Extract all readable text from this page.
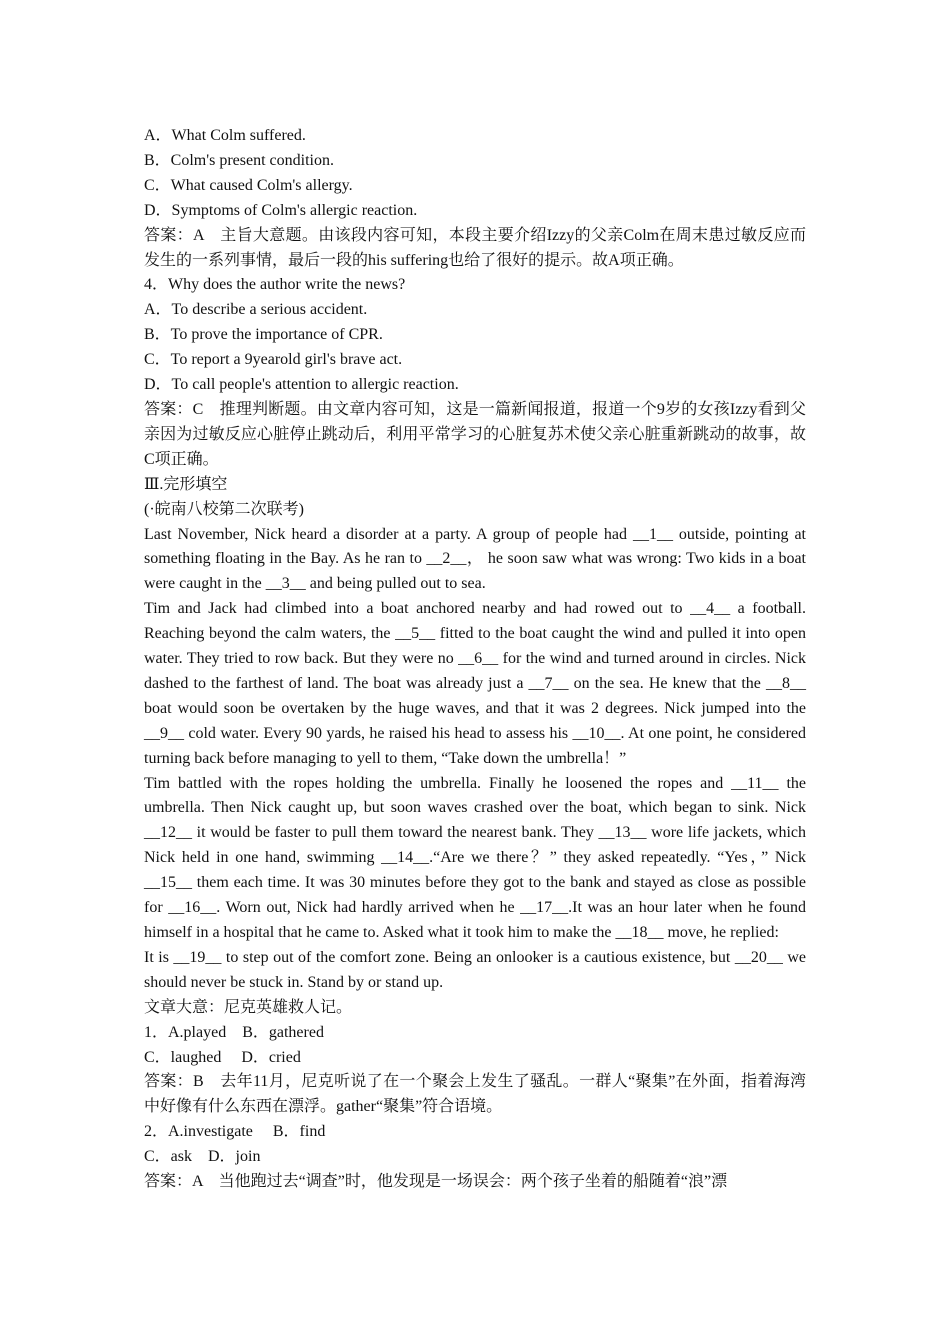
A．What Colm suffered.

B．Colm's present condition.

C．What caused Colm's allergy.

D．Symptoms of Colm's allergic reaction.

答案：A　主旨大意题。由该段内容可知，本段主要介绍Izzy的父亲Colm在周末患过敏反应而发生的一系列事情，最后一段的his suffering也给了很好的提示。故A项正确。

4．Why does the author write the news?

A．To describe a serious accident.

B．To prove the importance of CPR.

C．To report a 9yearold girl's brave act.

D．To call people's attention to allergic reaction.

答案：C　推理判断题。由文章内容可知，这是一篇新闻报道，报道一个9岁的女孩Izzy看到父亲因为过敏反应心脏停止跳动后，利用平常学习的心脏复苏术使父亲心脏重新跳动的故事，故C项正确。

Ⅲ.完形填空

(·皖南八校第二次联考)

Last November, Nick heard a disorder at a party. A group of people had __1__ outside, pointing at something floating in the Bay. As he ran to __2__， he soon saw what was wrong: Two kids in a boat were caught in the __3__ and being pulled out to sea.

Tim and Jack had climbed into a boat anchored nearby and had rowed out to __4__ a football. Reaching beyond the calm waters, the __5__ fitted to the boat caught the wind and pulled it into open water. They tried to row back. But they were no __6__ for the wind and turned around in circles. Nick dashed to the farthest of land. The boat was already just a __7__ on the sea. He knew that the __8__ boat would soon be overtaken by the huge waves, and that it was 2 degrees. Nick jumped into the __9__ cold water. Every 90 yards, he raised his head to assess his __10__. At one point, he considered turning back before managing to yell to them, “Take down the umbrella！”

Tim battled with the ropes holding the umbrella. Finally he loosened the ropes and __11__ the umbrella. Then Nick caught up, but soon waves crashed over the boat, which began to sink. Nick __12__ it would be faster to pull them toward the nearest bank. They __13__ wore life jackets, which Nick held in one hand, swimming __14__.“Are we there？” they asked repeatedly. “Yes，” Nick __15__ them each time. It was 30 minutes before they got to the bank and stayed as close as possible for __16__. Worn out, Nick had hardly arrived when he __17__.It was an hour later when he found himself in a hospital that he came to. Asked what it took him to make the __18__ move, he replied:

It is __19__ to step out of the comfort zone. Being an onlooker is a cautious existence, but __20__ we should never be stuck in. Stand by or stand up.

文章大意：尼克英雄救人记。

1．A.played　B．gathered

C．laughed　 D．cried

答案：B　去年11月，尼克听说了在一个聚会上发生了骚乱。一群人“聚集”在外面，指着海湾中好像有什么东西在漂浮。gather“聚集”符合语境。

2．A.investigate　 B．find

C．ask　D．join

答案：A　当他跑过去“调查”时，他发现是一场误会：两个孩子坐着的船随着“浪”漂
